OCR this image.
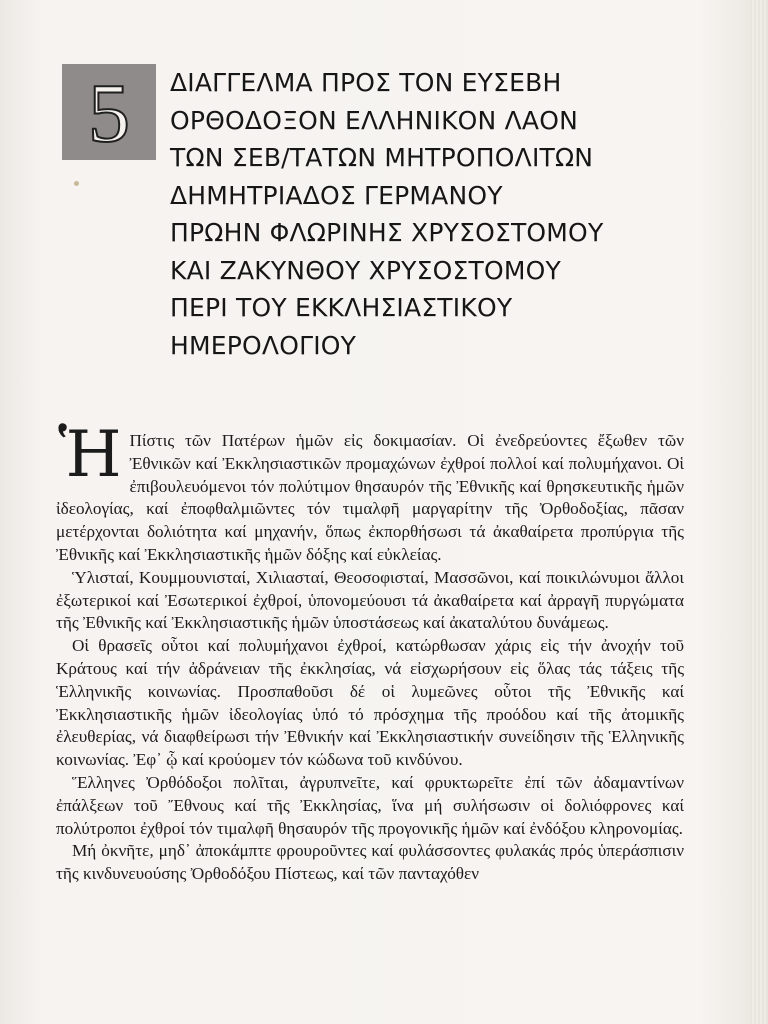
5 ΔΙΑΓΓΕΛΜΑ ΠΡΟΣ ΤΟΝ ΕΥΣΕΒΗ
ΟΡΘΟΔΟΞΟΝ ΕΛΛΗΝΙΚΟΝ ΛΑΟΝ
ΤΩΝ ΣΕΒ/ΤΑΤΩΝ ΜΗΤΡΟΠΟΛΙΤΩΝ
ΔΗΜΗΤΡΙΑΔΟΣ ΓΕΡΜΑΝΟΥ
ΠΡΩΗΝ ΦΛΩΡΙΝΗΣ ΧΡΥΣΟΣΤΟΜΟΥ
ΚΑΙ ΖΑΚΥΝΘΟΥ ΧΡΥΣΟΣΤΟΜΟΥ
ΠΕΡΙ ΤΟΥ ΕΚΚΛΗΣΙΑΣΤΙΚΟΥ
ΗΜΕΡΟΛΟΓΙΟΥ

Ἡ Πίστις τῶν Πατέρων ἡμῶν εἰς δοκιμασίαν. Οἱ ἐνεδρεύοντες ἔξωθεν τῶν Ἐθνικῶν καί Ἐκκλησιαστικῶν προμαχώνων ἐχθροί πολλοί καί πολυμήχανοι. Οἱ ἐπιβουλευόμενοι τόν πολύτιμον θησαυρόν τῆς Ἐθνικῆς καί θρησκευτικῆς ἡμῶν ἰδεολογίας, καί ἐποφθαλμιῶντες τόν τιμαλφῆ μαργαρίτην τῆς Ὀρθοδοξίας, πᾶσαν μετέρχονται δολιότητα καί μηχανήν, ὅπως ἐκπορθήσωσι τά ἀκαθαίρετα προπύργια τῆς Ἐθνικῆς καί Ἐκκλησιαστικῆς ἡμῶν δόξης καί εὐκλείας.

Ὑλισταί, Κουμμουνισταί, Χιλιασταί, Θεοσοφισταί, Μασσῶνοι, καί ποικιλώνυμοι ἄλλοι ἐξωτερικοί καί Ἐσωτερικοί ἐχθροί, ὑπονομεύουσι τά ἀκαθαίρετα καί ἀρραγῆ πυργώματα τῆς Ἐθνικῆς καί Ἐκκλησιαστικῆς ἡμῶν ὑποστάσεως καί ἀκαταλύτου δυνάμεως.

Οἱ θρασεῖς οὗτοι καί πολυμήχανοι ἐχθροί, κατώρθωσαν χάρις εἰς τήν ἀνοχήν τοῦ Κράτους καί τήν ἀδράνειαν τῆς ἐκκλησίας, νά εἰσχωρήσουν εἰς ὅλας τάς τάξεις τῆς Ἑλληνικῆς κοινωνίας. Προσπαθοῦσι δέ οἱ λυμεῶνες οὗτοι τῆς Ἐθνικῆς καί Ἐκκλησιαστικῆς ἡμῶν ἰδεολογίας ὑπό τό πρόσχημα τῆς προόδου καί τῆς ἀτομικῆς ἐλευθερίας, νά διαφθείρωσι τήν Ἐθνικήν καί Ἐκκλησιαστικήν συνείδησιν τῆς Ἑλληνικῆς κοινωνίας. Ἐφ᾽ ᾧ καί κρούομεν τόν κώδωνα τοῦ κινδύνου.

Ἕλληνες Ὀρθόδοξοι πολῖται, ἀγρυπνεῖτε, καί φρυκτωρεῖτε ἐπί τῶν ἀδαμαντίνων ἐπάλξεων τοῦ Ἔθνους καί τῆς Ἐκκλησίας, ἵνα μή συλήσωσιν οἱ δολιόφρονες καί πολύτροποι ἐχθροί τόν τιμαλφῆ θησαυρόν τῆς προγονικῆς ἡμῶν καί ἐνδόξου κληρονομίας.

Μή ὀκνῆτε, μηδ᾽ ἀποκάμπτε φρουροῦντες καί φυλάσσοντες φυλακάς πρός ὑπεράσπισιν τῆς κινδυνευούσης Ὀρθοδόξου Πίστεως, καί τῶν πανταχόθεν
